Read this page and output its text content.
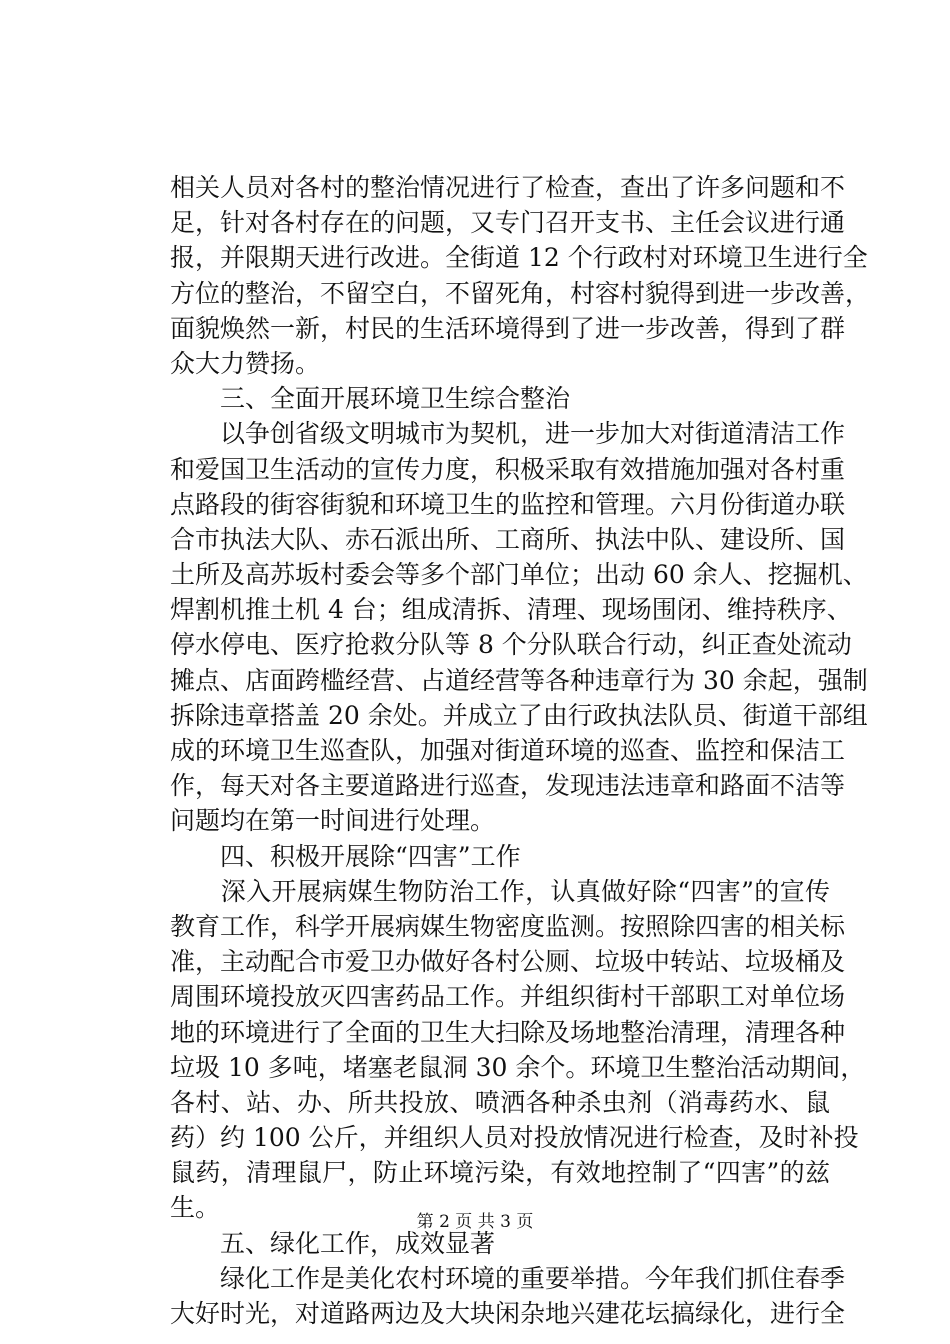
相关人员对各村的整治情况进行了检查，查出了许多问题和不
足，针对各村存在的问题，又专门召开支书、主任会议进行通
报，并限期天进行改进。全街道 12 个行政村对环境卫生进行全
方位的整治，不留空白，不留死角，村容村貌得到进一步改善，
面貌焕然一新，村民的生活环境得到了进一步改善，得到了群
众大力赞扬。
　　三、全面开展环境卫生综合整治
　　以争创省级文明城市为契机，进一步加大对街道清洁工作
和爱国卫生活动的宣传力度，积极采取有效措施加强对各村重
点路段的街容街貌和环境卫生的监控和管理。六月份街道办联
合市执法大队、赤石派出所、工商所、执法中队、建设所、国
土所及高苏坂村委会等多个部门单位；出动 60 余人、挖掘机、
焊割机推土机 4 台；组成清拆、清理、现场围闭、维持秩序、
停水停电、医疗抢救分队等 8 个分队联合行动，纠正查处流动
摊点、店面跨槛经营、占道经营等各种违章行为 30 余起，强制
拆除违章搭盖 20 余处。并成立了由行政执法队员、街道干部组
成的环境卫生巡查队，加强对街道环境的巡查、监控和保洁工
作，每天对各主要道路进行巡查，发现违法违章和路面不洁等
问题均在第一时间进行处理。
　　四、积极开展除“四害”工作
　　深入开展病媒生物防治工作，认真做好除“四害”的宣传
教育工作，科学开展病媒生物密度监测。按照除四害的相关标
准，主动配合市爱卫办做好各村公厕、垃圾中转站、垃圾桶及
周围环境投放灭四害药品工作。并组织街村干部职工对单位场
地的环境进行了全面的卫生大扫除及场地整治清理，清理各种
垃圾 10 多吨，堵塞老鼠洞 30 余个。环境卫生整治活动期间，
各村、站、办、所共投放、喷洒各种杀虫剂（消毒药水、鼠
药）约 100 公斤，并组织人员对投放情况进行检查，及时补投
鼠药，清理鼠尸，防止环境污染，有效地控制了“四害”的兹
生。
　　五、绿化工作，成效显著
　　绿化工作是美化农村环境的重要举措。今年我们抓住春季
大好时光，对道路两边及大块闲杂地兴建花坛搞绿化，进行全
第 2 页 共 3 页
